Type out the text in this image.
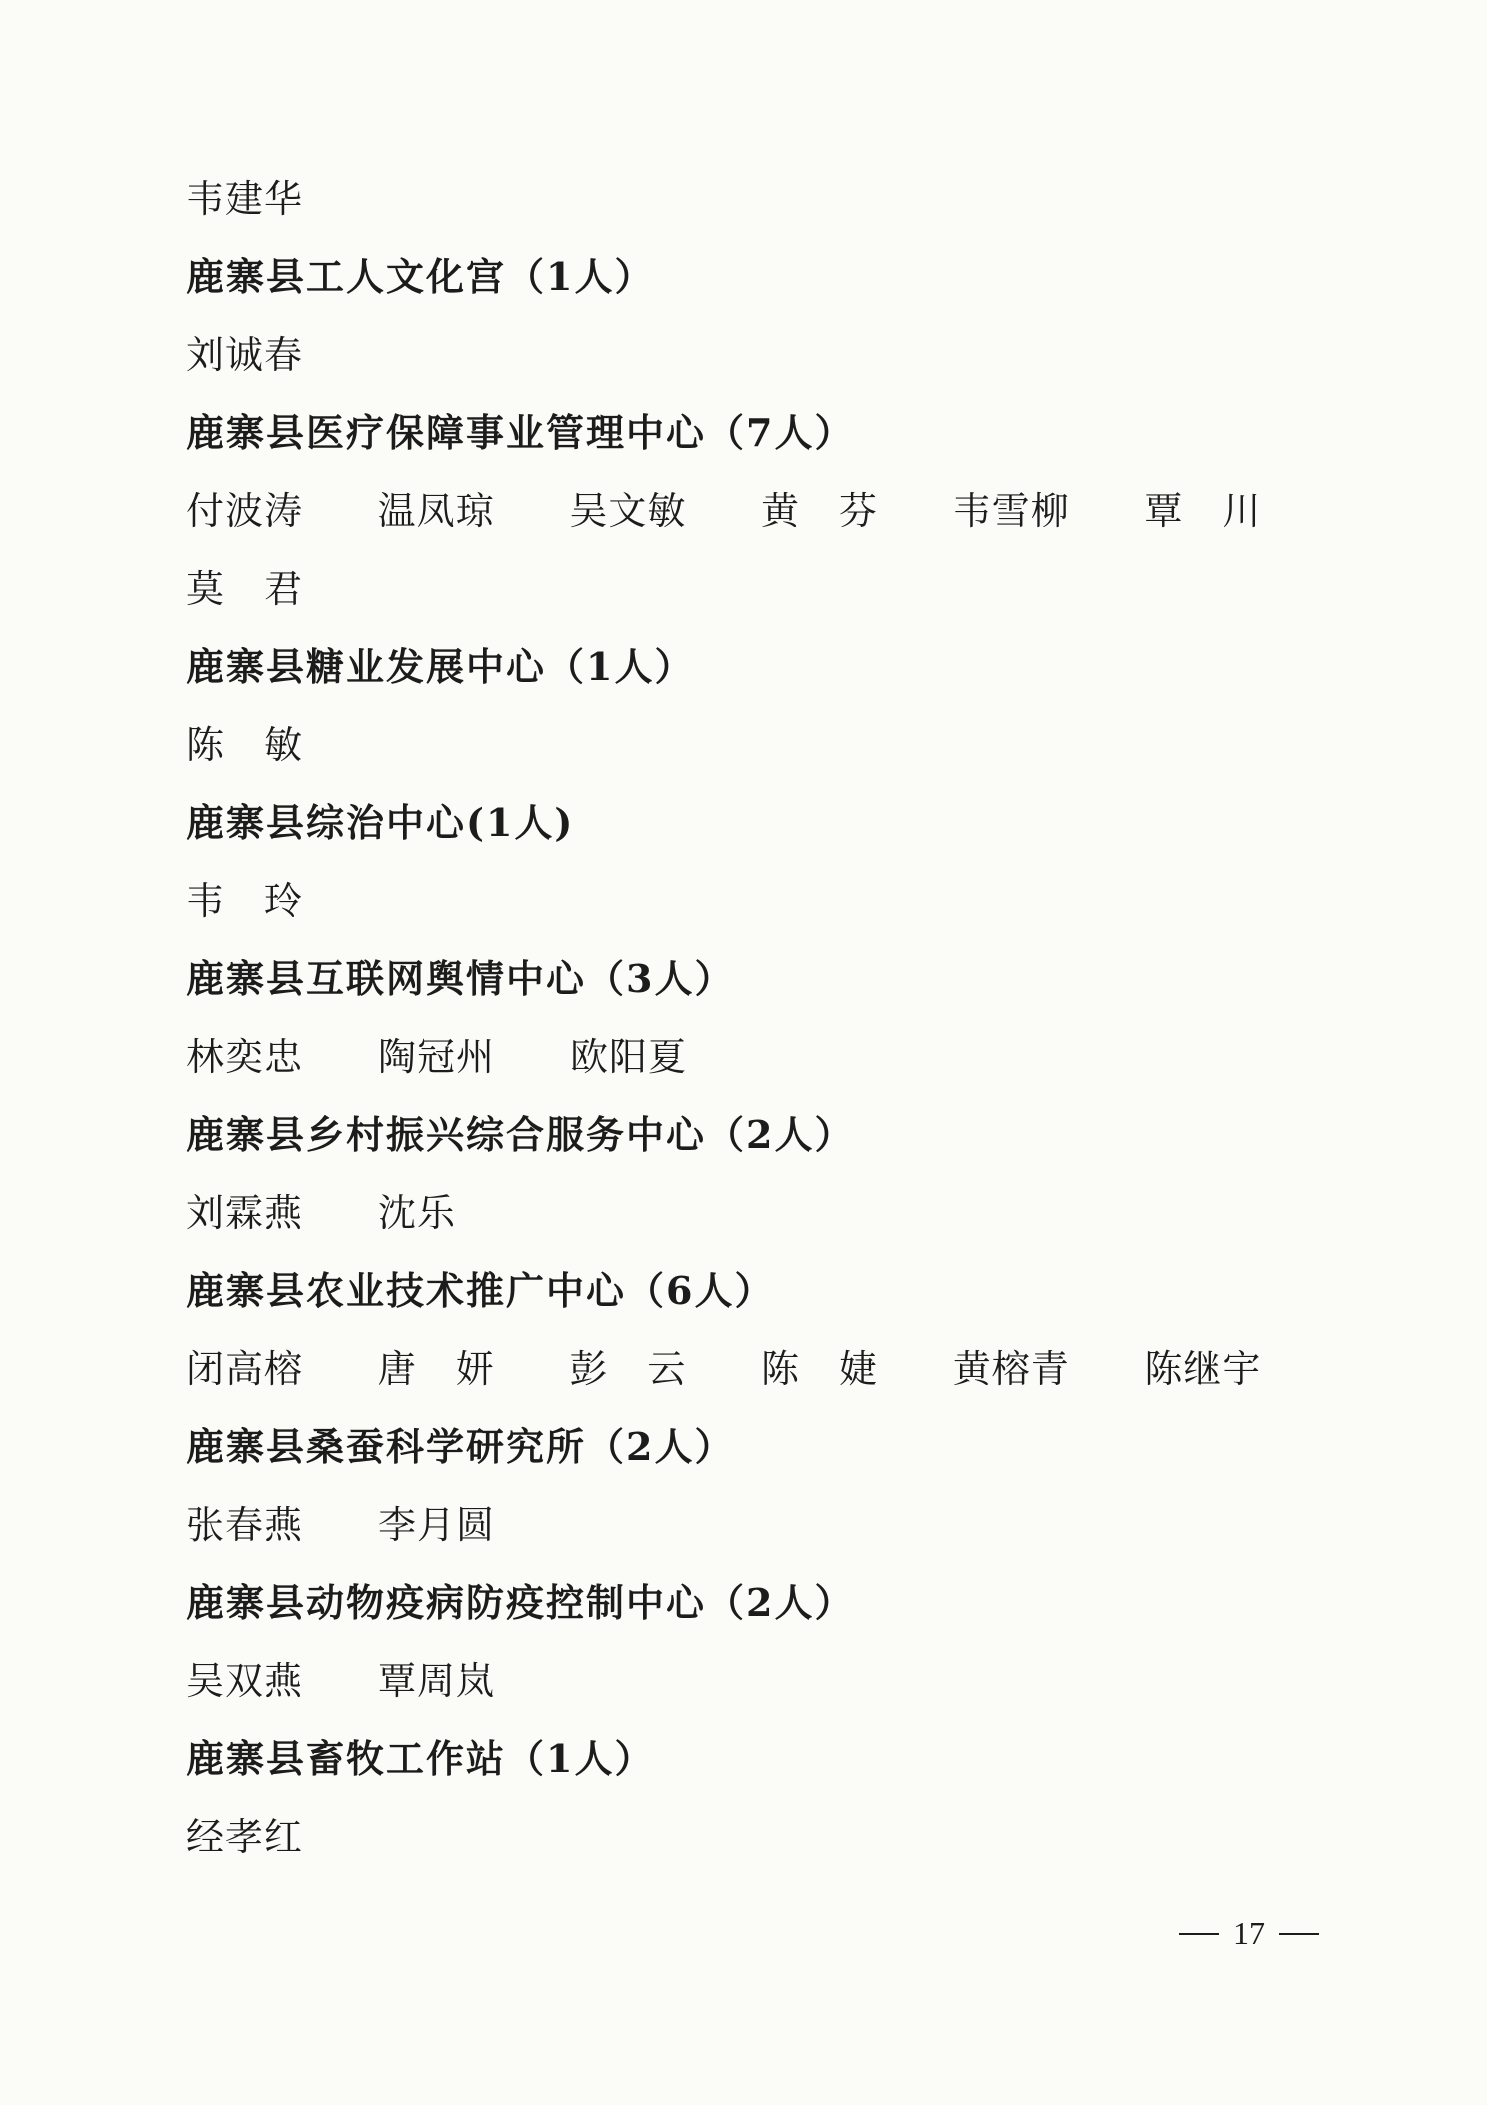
韦建华
鹿寨县工人文化宫（1人）
刘诚春
鹿寨县医疗保障事业管理中心（7人）
付波涛	温凤琼	吴文敏	黄　芬	韦雪柳	覃　川
莫　君
鹿寨县糖业发展中心（1人）
陈　敏
鹿寨县综治中心(1人)
韦　玲
鹿寨县互联网舆情中心（3人）
林奕忠	陶冠州	欧阳夏
鹿寨县乡村振兴综合服务中心（2人）
刘霖燕	沈乐
鹿寨县农业技术推广中心（6人）
闭高榕	唐　妍	彭　云	陈　婕	黄榕青	陈继宇
鹿寨县桑蚕科学研究所（2人）
张春燕	李月圆
鹿寨县动物疫病防疫控制中心（2人）
吴双燕	覃周岚
鹿寨县畜牧工作站（1人）
经孝红
17
